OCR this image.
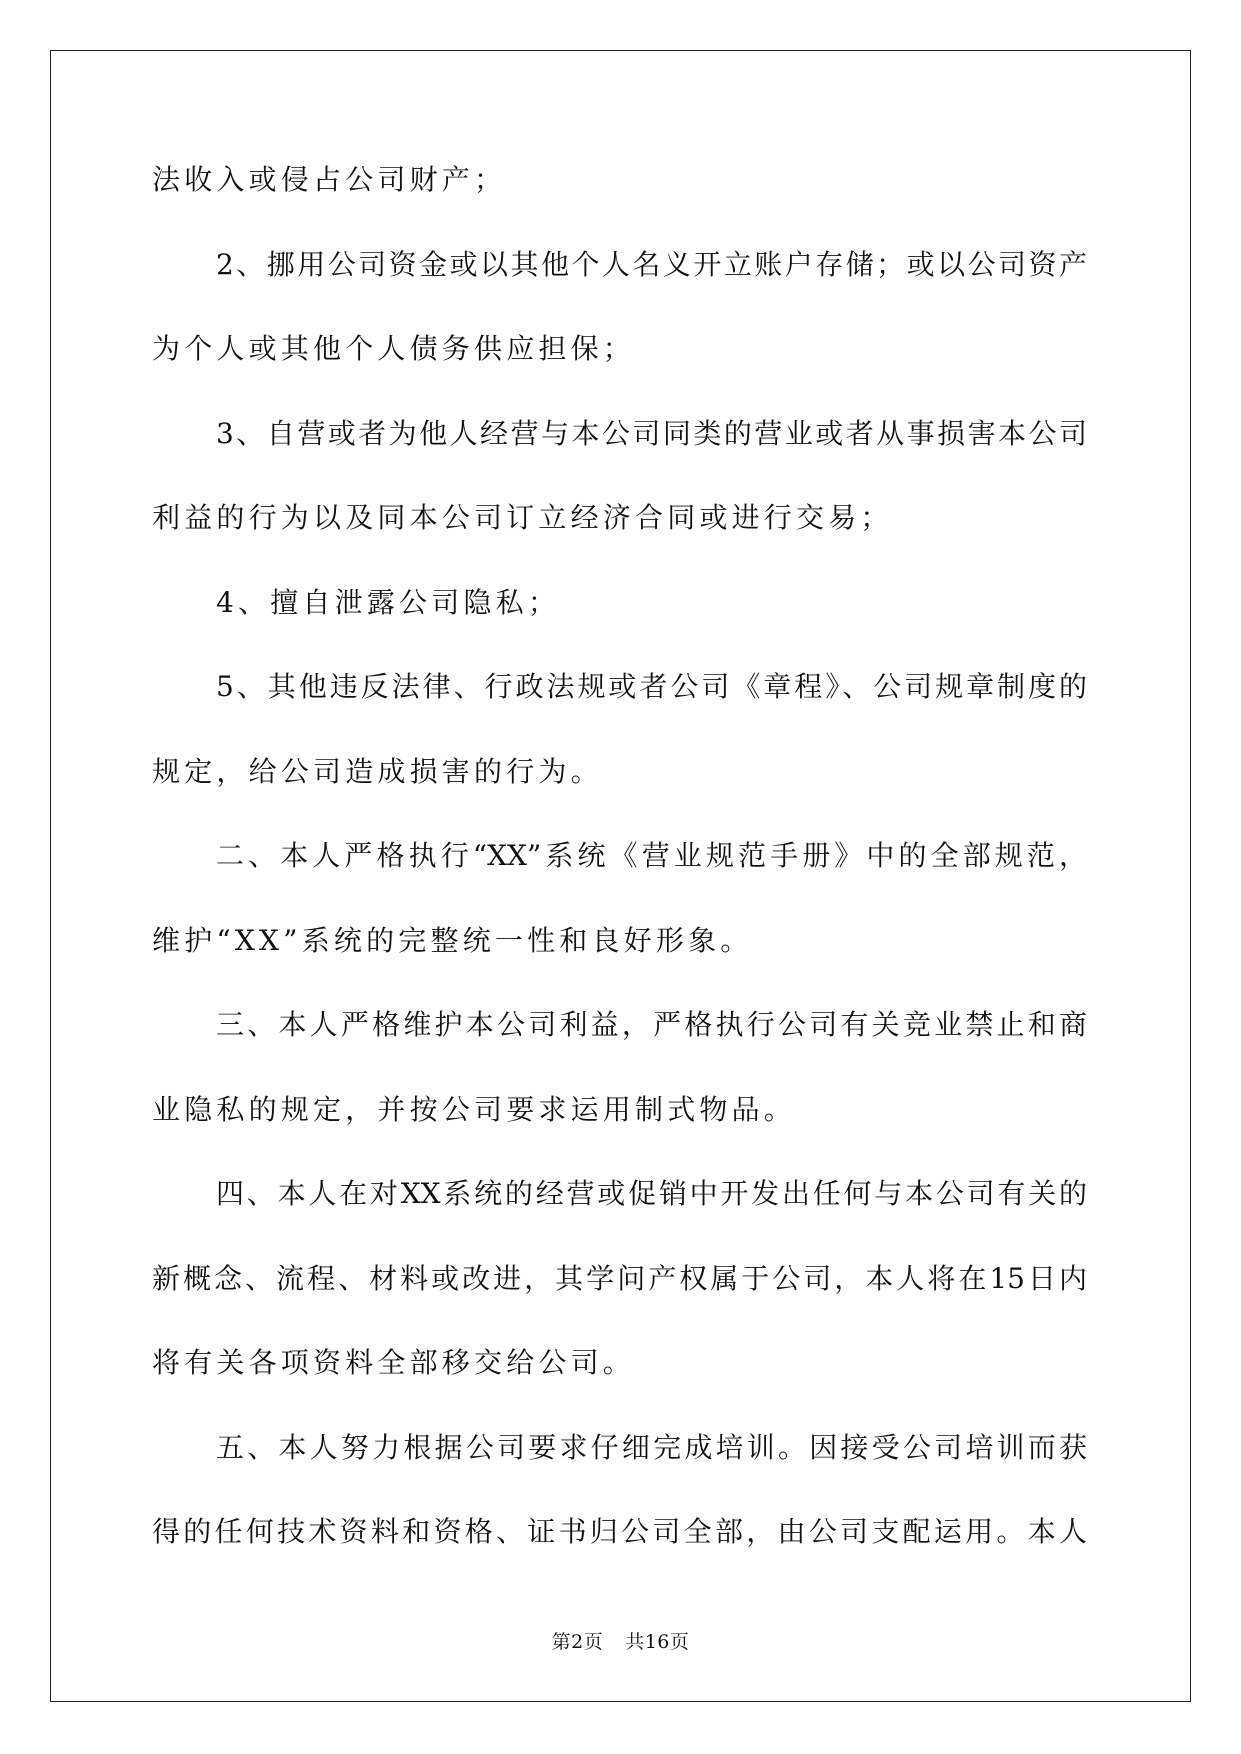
法收入或侵占公司财产；
2、挪用公司资金或以其他个人名义开立账户存储；或以公司资产
为个人或其他个人债务供应担保；
3、自营或者为他人经营与本公司同类的营业或者从事损害本公司
利益的行为以及同本公司订立经济合同或进行交易；
4、擅自泄露公司隐私；
5、其他违反法律、行政法规或者公司《章程》、公司规章制度的
规定，给公司造成损害的行为。
二、本人严格执行“XX”系统《营业规范手册》中的全部规范，
维护“XX”系统的完整统一性和良好形象。
三、本人严格维护本公司利益，严格执行公司有关竞业禁止和商
业隐私的规定，并按公司要求运用制式物品。
四、本人在对XX系统的经营或促销中开发出任何与本公司有关的
新概念、流程、材料或改进，其学问产权属于公司，本人将在15日内
将有关各项资料全部移交给公司。
五、本人努力根据公司要求仔细完成培训。因接受公司培训而获
得的任何技术资料和资格、证书归公司全部，由公司支配运用。本人
第2页 共16页
